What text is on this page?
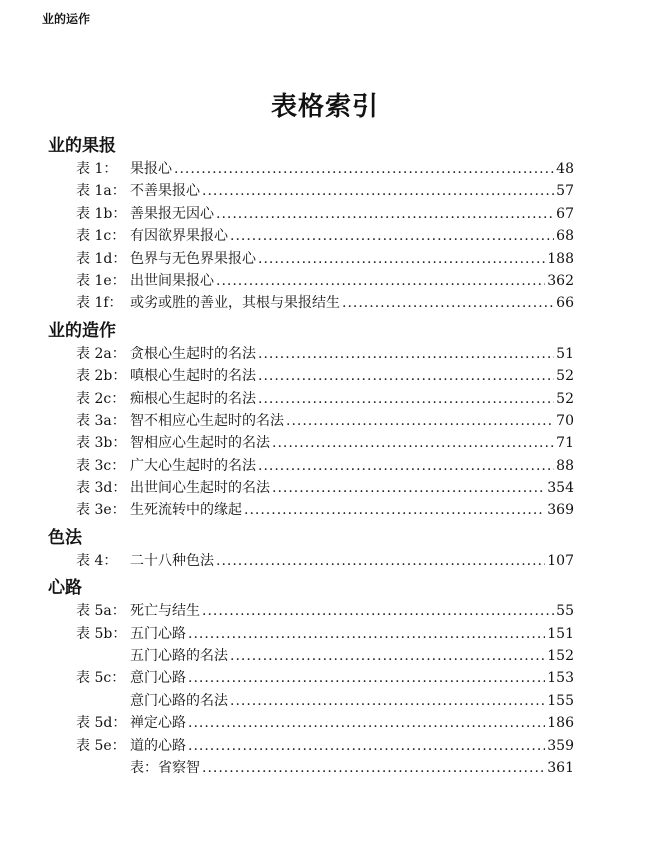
业的运作
表格索引
业的果报
表 1： 果报心 .....	48
表 1a： 不善果报心 .....	57
表 1b： 善果报无因心 .....	67
表 1c： 有因欲界果报心 .....	68
表 1d： 色界与无色界果报心 .....	188
表 1e： 出世间果报心 .....	362
表 1f： 或劣或胜的善业，其根与果报结生 .....	66
业的造作
表 2a： 贪根心生起时的名法 .....	51
表 2b： 嗔根心生起时的名法 .....	52
表 2c： 痴根心生起时的名法 .....	52
表 3a： 智不相应心生起时的名法 .....	70
表 3b： 智相应心生起时的名法 .....	71
表 3c： 广大心生起时的名法 .....	88
表 3d： 出世间心生起时的名法 .....	354
表 3e： 生死流转中的缘起 .....	369
色法
表 4： 二十八种色法 .....	107
心路
表 5a： 死亡与结生 .....	55
表 5b： 五门心路 .....	151
五门心路的名法 .....	152
表 5c： 意门心路 .....	153
意门心路的名法 .....	155
表 5d： 禅定心路 .....	186
表 5e： 道的心路 .....	359
表：省察智 .....	361
